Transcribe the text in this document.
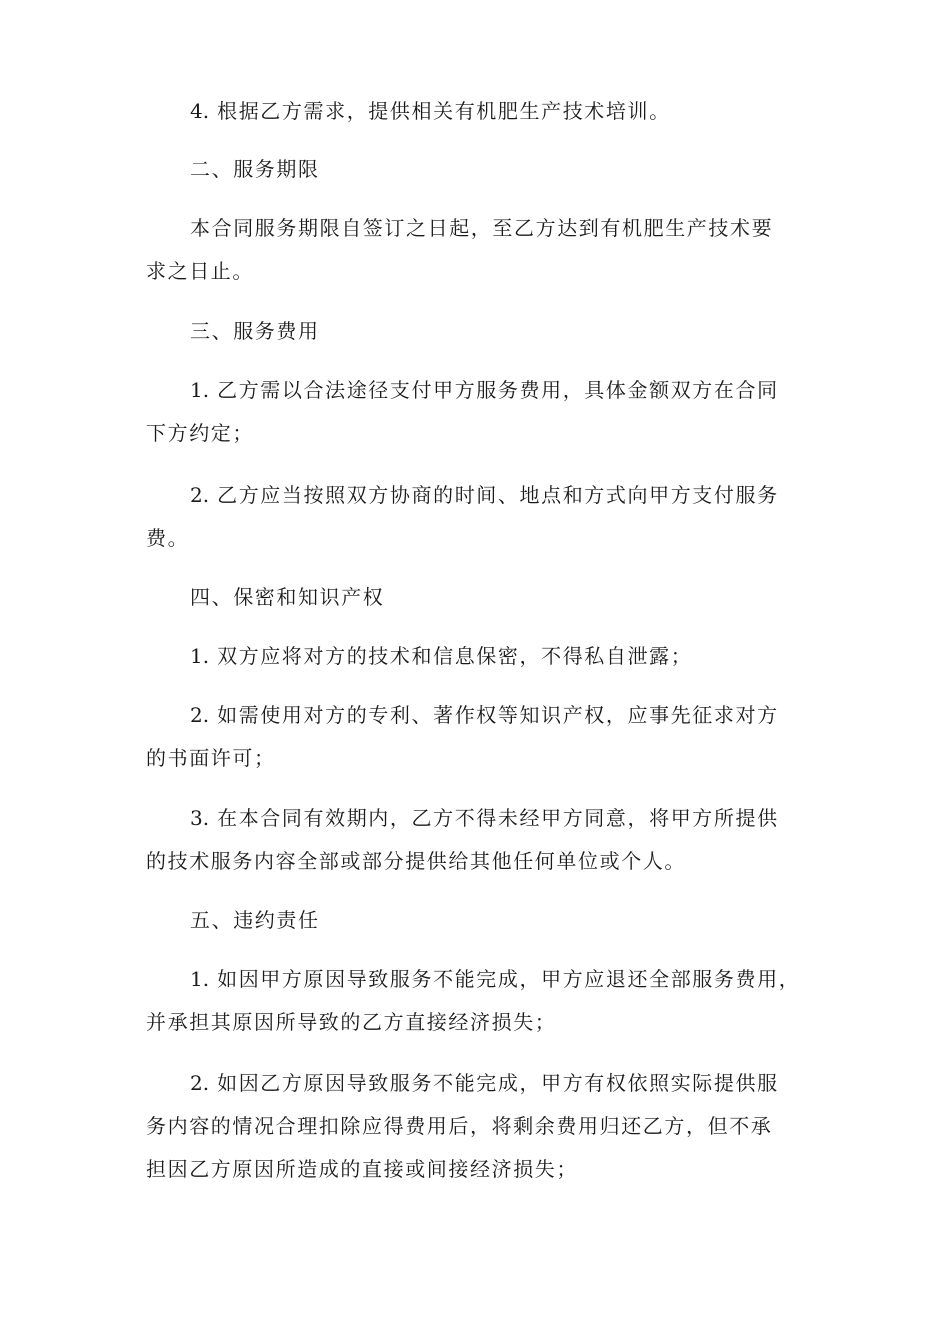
4. 根据乙方需求，提供相关有机肥生产技术培训。
二、服务期限
本合同服务期限自签订之日起，至乙方达到有机肥生产技术要
求之日止。
三、服务费用
1. 乙方需以合法途径支付甲方服务费用，具体金额双方在合同
下方约定；
2. 乙方应当按照双方协商的时间、地点和方式向甲方支付服务
费。
四、保密和知识产权
1. 双方应将对方的技术和信息保密，不得私自泄露；
2. 如需使用对方的专利、著作权等知识产权，应事先征求对方
的书面许可；
3. 在本合同有效期内，乙方不得未经甲方同意，将甲方所提供
的技术服务内容全部或部分提供给其他任何单位或个人。
五、违约责任
1. 如因甲方原因导致服务不能完成，甲方应退还全部服务费用，
并承担其原因所导致的乙方直接经济损失；
2. 如因乙方原因导致服务不能完成，甲方有权依照实际提供服
务内容的情况合理扣除应得费用后，将剩余费用归还乙方，但不承
担因乙方原因所造成的直接或间接经济损失；
